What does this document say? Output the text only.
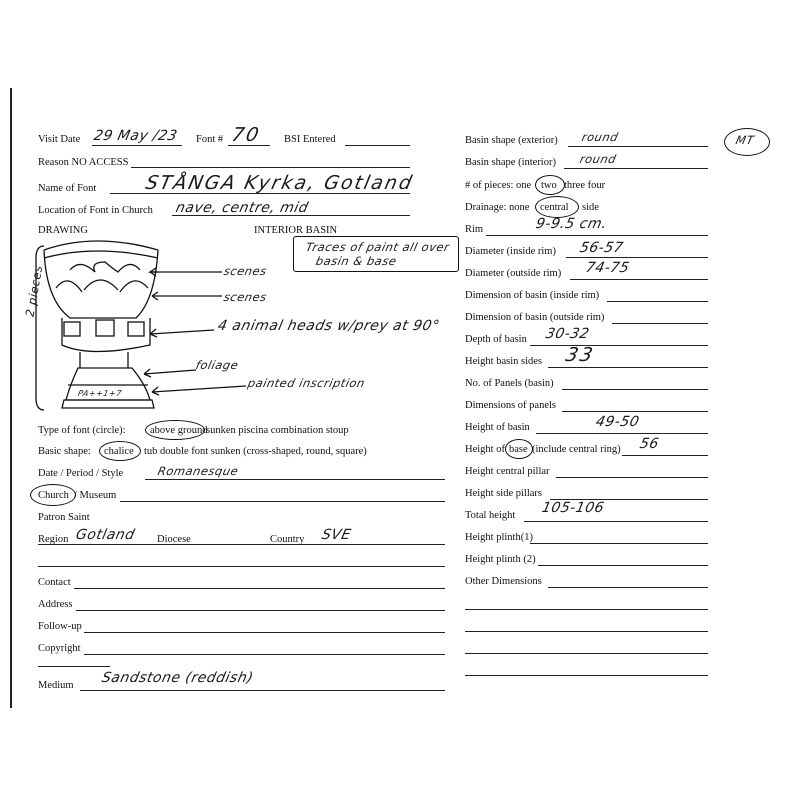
Visit Date 29 May /23 Font # 70 BSI Entered
Reason NO ACCESS
Name of Font STÅNGA Kyrka, Gotland
Location of Font in Church nave, centre, mid
DRAWING	INTERIOR BASIN
2 pieces
Traces of paint all over
basin & base
scenes
scenes
4 animal heads w/prey at 90°
foliage
painted inscription
PA++1+7
Type of font (circle): above ground
sunken piscina combination stoup
Basic shape: chalice tub double font sunken (cross-shaped, round, square)
Date / Period / Style	Romanesque
Church / Museum
Patron Saint
Region Gotland Diocese	Country SVE
Contact
Address
Follow-up
Copyright
Medium Sandstone (reddish)
MT
Basin shape (exterior) round
Basin shape (interior) round
# of pieces: one two three four
Drainage: none central side
Rim	9-9.5 cm.
Diameter (inside rim) 56-57
Diameter (outside rim) 74-75
Dimension of basin (inside rim)
Dimension of basin (outside rim)
Depth of basin 30-32
Height basin sides 33
No. of Panels (basin)
Dimensions of panels
Height of basin	49-50
Height of base (include central ring) 56
Height central pillar
Height side pillars
Total height 105-106
Height plinth(1)
Height plinth (2)
Other Dimensions
